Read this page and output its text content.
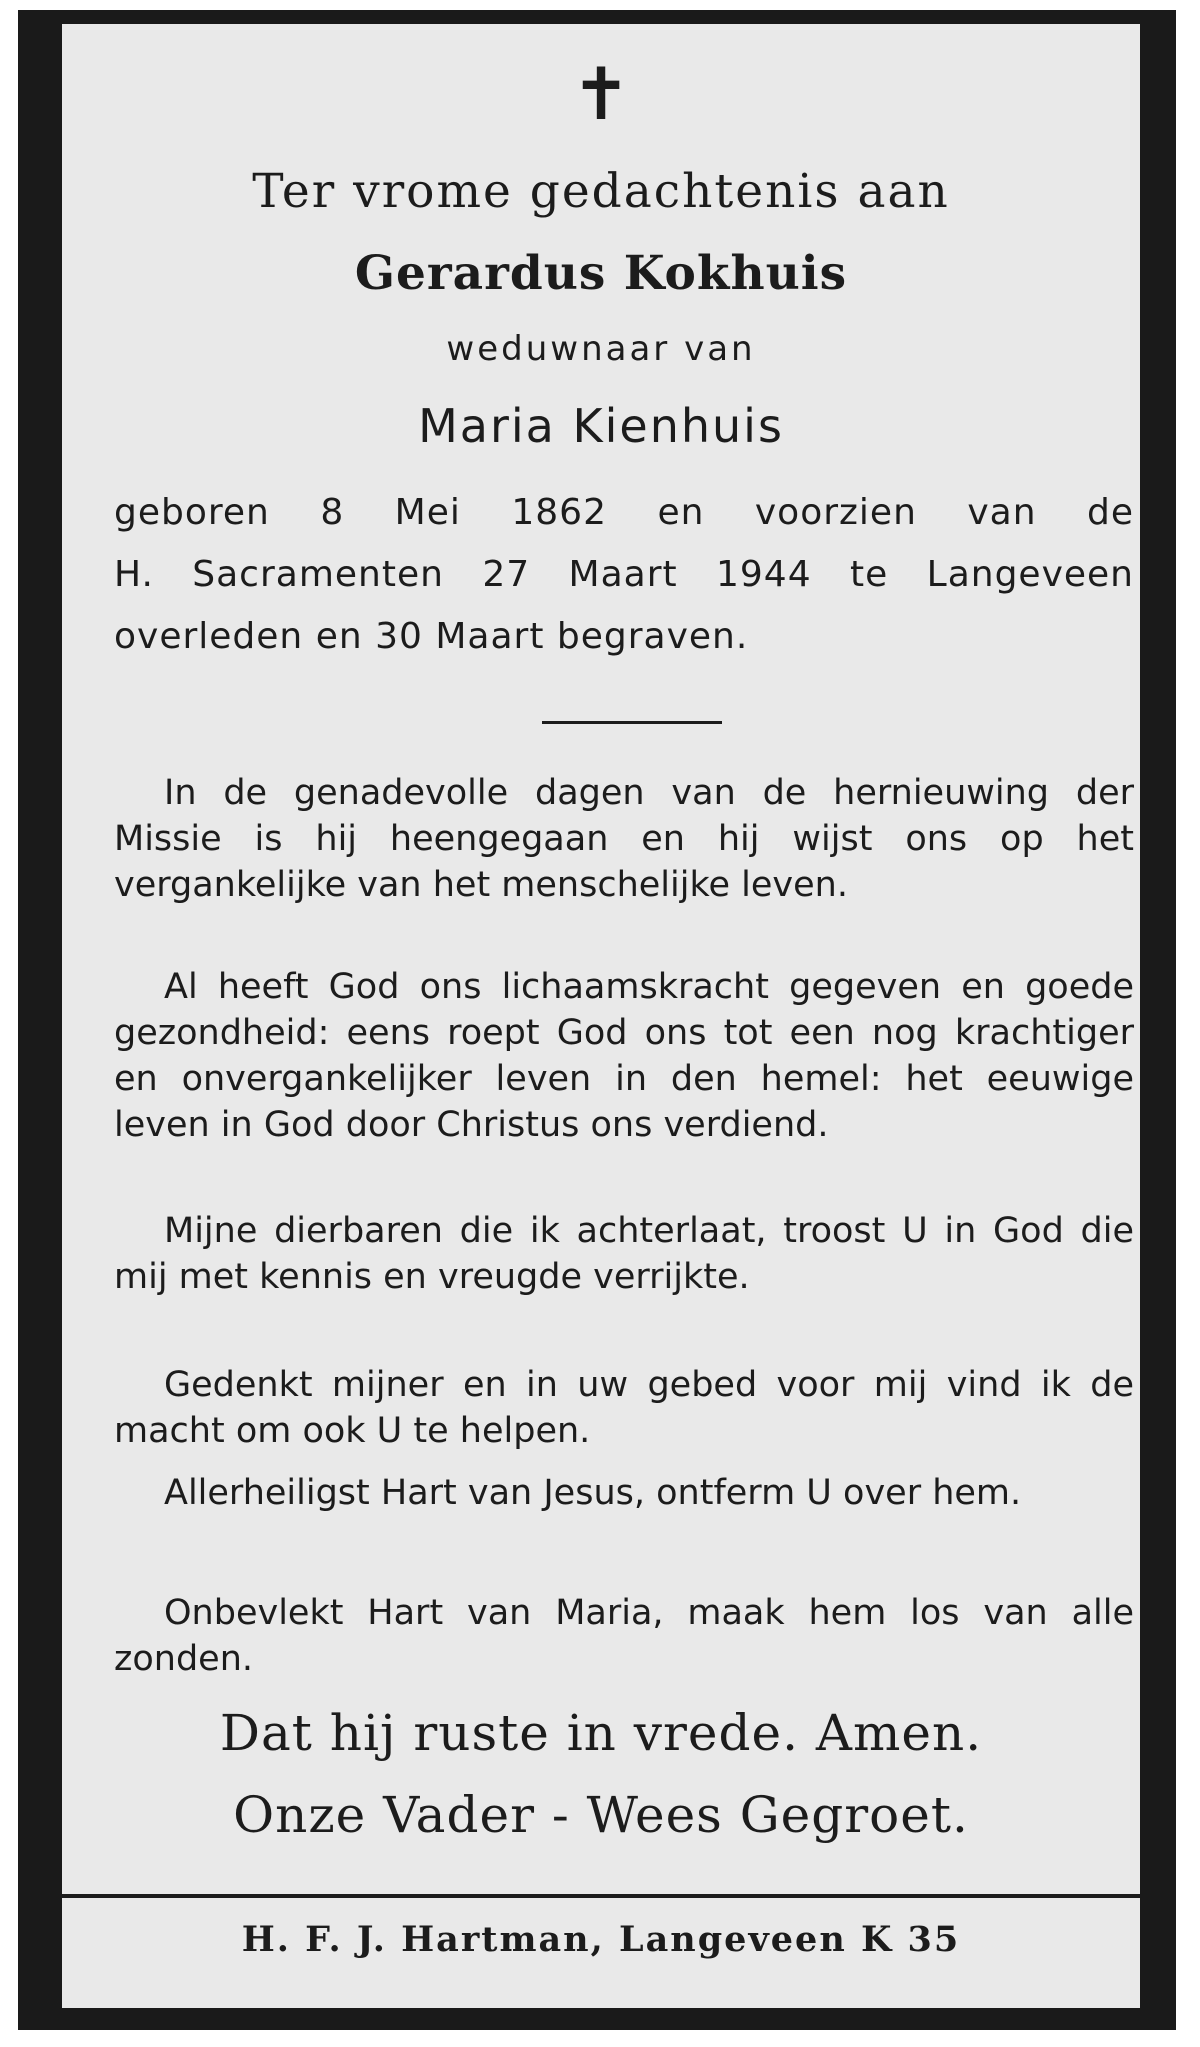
✝
Ter vrome gedachtenis aan
Gerardus Kokhuis
weduwnaar van
Maria Kienhuis
geboren 8 Mei 1862 en voorzien van de
H. Sacramenten 27 Maart 1944 te Langeveen
overleden en 30 Maart begraven.
In de genadevolle dagen van de hernieuwing der Missie is hij heengegaan en hij wijst ons op het vergankelijke van het menschelijke leven.
Al heeft God ons lichaamskracht gegeven en goede gezondheid: eens roept God ons tot een nog krachtiger en onvergankelijker leven in den hemel: het eeuwige leven in God door Christus ons verdiend.
Mijne dierbaren die ik achterlaat, troost U in God die mij met kennis en vreugde verrijkte.
Gedenkt mijner en in uw gebed voor mij vind ik de macht om ook U te helpen.
Allerheiligst Hart van Jesus, ontferm U over hem.
Onbevlekt Hart van Maria, maak hem los van alle zonden.
Dat hij ruste in vrede. Amen.
Onze Vader - Wees Gegroet.
H. F. J. Hartman, Langeveen K 35
